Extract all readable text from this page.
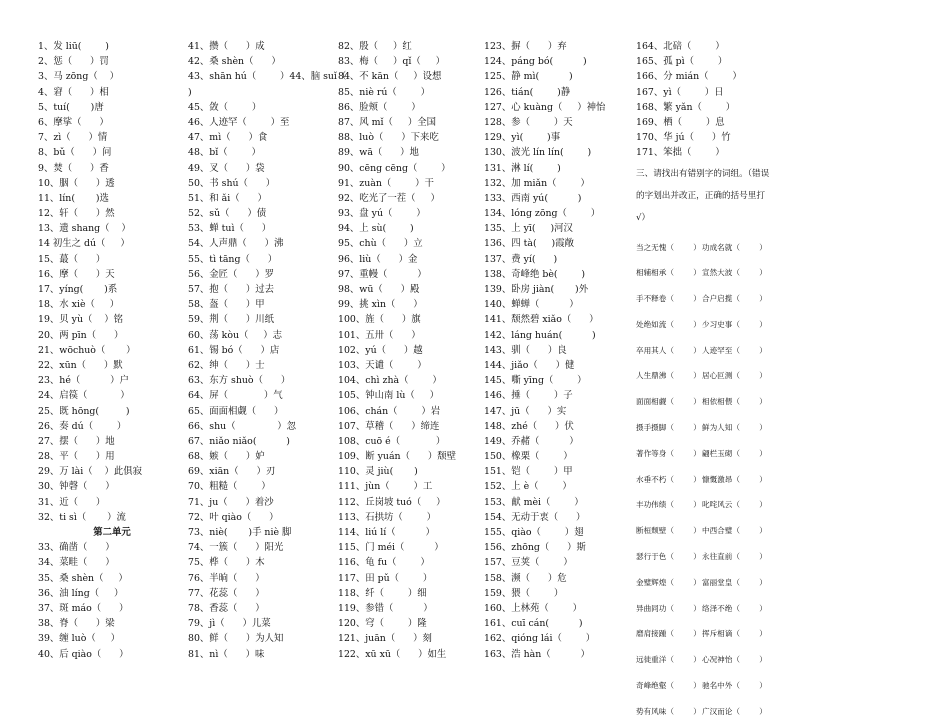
1、发 liū(        )
2、惩（      ）罚
3、马 zōng（    ）
4、窘（      ）相
5、tuí(       )唐
6、摩挲（      ）
7、zì（      ）情
8、bǔ（      ）问
9、焚（      ）香
10、胭（      ）透
11、lín(       )选
12、轩（      ）然
13、遗 shang（    ）
14 初生之 dú（     ）
15、蕞（      ）
16、摩（      ）天
17、yíng(       )系
18、水 xiè（     ）
19、贝 yù（    ）铭
20、两 pīn（      ）
21、wōchuò（       ）
22、xūn（      ）默
23、hé（          ）户
24、启篌（           ）
25、既 hōng(         )
26、奏 dú（        ）
27、摆（      ）地
28、平（      ）用
29、万 lài（    ）此俱寂
30、钟磬（      ）
31、近（      ）
32、ti sì（       ）流
第二单元
33、确凿（      ）
34、菜畦（      ）
35、桑 shèn（     ）
36、油 líng（     ）
37、斑 máo（      ）
38、脊（      ）梁
39、缠 luò（     ）
40、后 qiào（      ）
41、攒（      ）成
42、桑 shèn（      ）
43、shān hú（        ）44、脑 suǐ（
)
45、敛（        ）
46、人迹罕（        ）至
47、mì（      ）食
48、bǐ（        ）
49、叉（      ）袋
50、书 shú（      ）
51、和 ǎi（      ）
52、sǔ（      ）债
53、蝉 tuì（      ）
54、人声鼎（      ）沸
55、tì tāng（      ）
56、金匠（      ）罗
57、抱（      ）过去
58、盔（      ）甲
59、荆（      ）川纸
60、荡 kòu（     ）志
61、锡 bó（      ）店
62、绅（      ）士
63、东方 shuò（      ）
64、屏（            ）气
65、面面相觑（      ）
66、shu（              ）忽
67、niǎo niǎo(          )
68、嫉（      ）妒
69、xiān（      ）刃
70、粗糙（        ）
71、ju（      ）着沙
72、叶 qiào（      ）
73、niè(       )手 niè 脚
74、一簇（      ）阳光
75、桦（      ）木
76、半晌（      ）
77、花蕊（      ）
78、香蕊（      ）
79、jì（      ）儿菜
80、鲜（      ）为人知
81、nì（      ）味
82、殷（     ）红
83、梅（     ）qǐ（     ）
84、不 kān（     ）设想
85、niè rú（        ）
86、脸颊（        ）
87、风 mǐ（     ）全国
88、luò（      ）下来吃
89、wā（      ）地
90、cēng cēng（        ）
91、zuàn（        ）干
92、吃光了一茬（     ）
93、盘 yú（        ）
94、上 sù(        )
95、chù（      ）立
96、liù（      ）金
97、重幔（          ）
98、wū（      ）殿
99、挑 xìn（      ）
100、旌（      ）旗
101、五卅（      ）
102、yú（      ）越
103、天谴（        ）
104、chì zhà（        ）
105、钟山南 lù（     ）
106、chán（        ）岩
107、草稽（      ）缔连
108、cuō é（            ）
109、断 yuán（      ）颓壁
110、灵 jiù(       )
111、jùn（        ）工
112、丘岗坡 tuó（     ）
113、石拱坊（        ）
114、liú lí（          ）
115、门 méi（          ）
116、龟 fu（        ）
117、田 pǔ（        ）
118、纤（        ）细
119、参错（          ）
120、穹（        ）隆
121、juān（      ）刻
122、xū xū（      ）如生
123、摒（      ）弃
124、páng bó(          )
125、静 mì(          )
126、tián(        )静
127、心 kuàng（     ）神怡
128、参（        ）天
129、yì(        )事
130、波光 lín lín(        )
131、淋 lí(        )
132、加 miǎn（        ）
133、西南 yú(          )
134、lóng zōng（        ）
135、上 yī(     )河汉
136、四 tà(     )霞敞
137、费 yí(      )
138、奇峰绝 bè(        )
139、卧房 jiàn(       )外
140、蝉蝉（          ）
141、颓然碧 xiǎo（      ）
142、láng huán(          )
143、驯（      ）良
144、jiǎo（      ）健
145、嘶 yīng（        ）
146、捶（        ）子
147、jū（      ）实
148、zhé（      ）伏
149、乔赭（          ）
150、橡栗（        ）
151、铠（        ）甲
152、上 è（        ）
153、献 mèi（        ）
154、无动于衷（      ）
155、qiào（        ）翅
156、zhōng（      ）斯
157、豆荚（        ）
158、濒（      ）危
159、猥（        ）
160、上林苑（        ）
161、cuī cán(          )
162、qióng lái（        ）
163、浩 hàn（          ）
164、北碚（        ）
165、孤 pì（        ）
166、分 mián（        ）
167、yì（        ）日
168、繁 yǎn（        ）
169、栖（        ）息
170、华 jú（      ）竹
171、笨拙（        ）
三、请找出有错别字的词组。（错误的字划出并改正，正确的括号里打 √）
当之无愧（        ）功成名就（        ）
相辅相承（        ）宣然大波（        ）
手不释卷（        ）合户启揽（        ）
处绝如流（        ）少习史事（        ）
卒用其人（        ）人迹罕至（        ）
人生鼎沸（        ）居心叵测（        ）
面面相觑（        ）相依相偎（        ）
摄手摄脚（        ）鲜为人知（        ）
著作等身（        ）翩栏玉砌（        ）
水垂不朽（        ）慷慨激昂（        ）
丰功伟绩（        ）叱咤风云（        ）
断桓颓壁（        ）中西合璧（        ）
瑟行于色（        ）永往直前（        ）
金璧辉煌（        ）富丽堂皇（        ）
异曲同功（        ）络泽不绝（        ）
磨肩接踵（        ）挥斥相谪（        ）
远徙重洋（        ）心况神怡（        ）
奇峰绝壑（        ）驰名中外（        ）
势有风味（        ）广汉而论（        ）
